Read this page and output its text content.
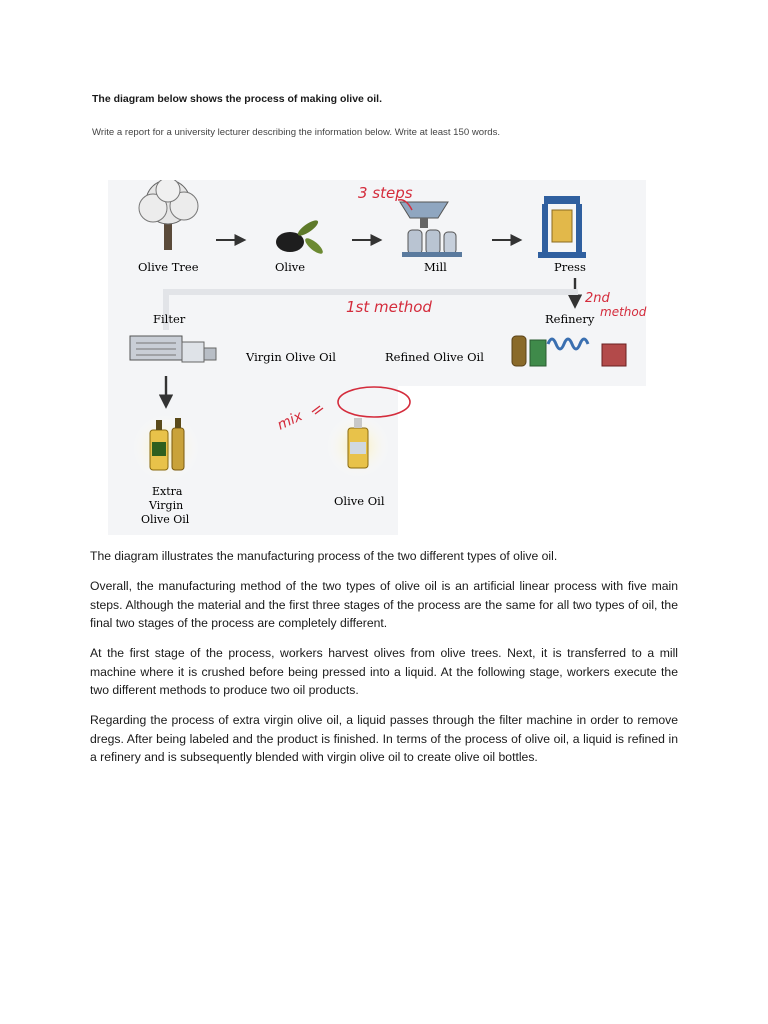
The diagram below shows the process of making olive oil.
Write a report for a university lecturer describing the information below. Write at least 150 words.
Olive Tree	Olive	Mill	Press
Refinery
Filter
Virgin Olive Oil	Refined Olive Oil
Extra
Virgin
Olive Oil
Olive Oil
3 steps
1st method	2nd
method
mix

The diagram illustrates the manufacturing process of the two different types of olive oil.

Overall, the manufacturing method of the two types of olive oil is an artificial linear process with five main steps. Although the material and the first three stages of the process are the same for all two types of oil, the final two stages of the process are completely different.

At the first stage of the process, workers harvest olives from olive trees. Next, it is transferred to a mill machine where it is crushed before being pressed into a liquid. At the following stage, workers execute the two different methods to produce two oil products.

Regarding the process of extra virgin olive oil, a liquid passes through the filter machine in order to remove dregs. After being labeled and the product is finished. In terms of the process of olive oil, a liquid is refined in a refinery and is subsequently blended with virgin olive oil to create olive oil bottles.
